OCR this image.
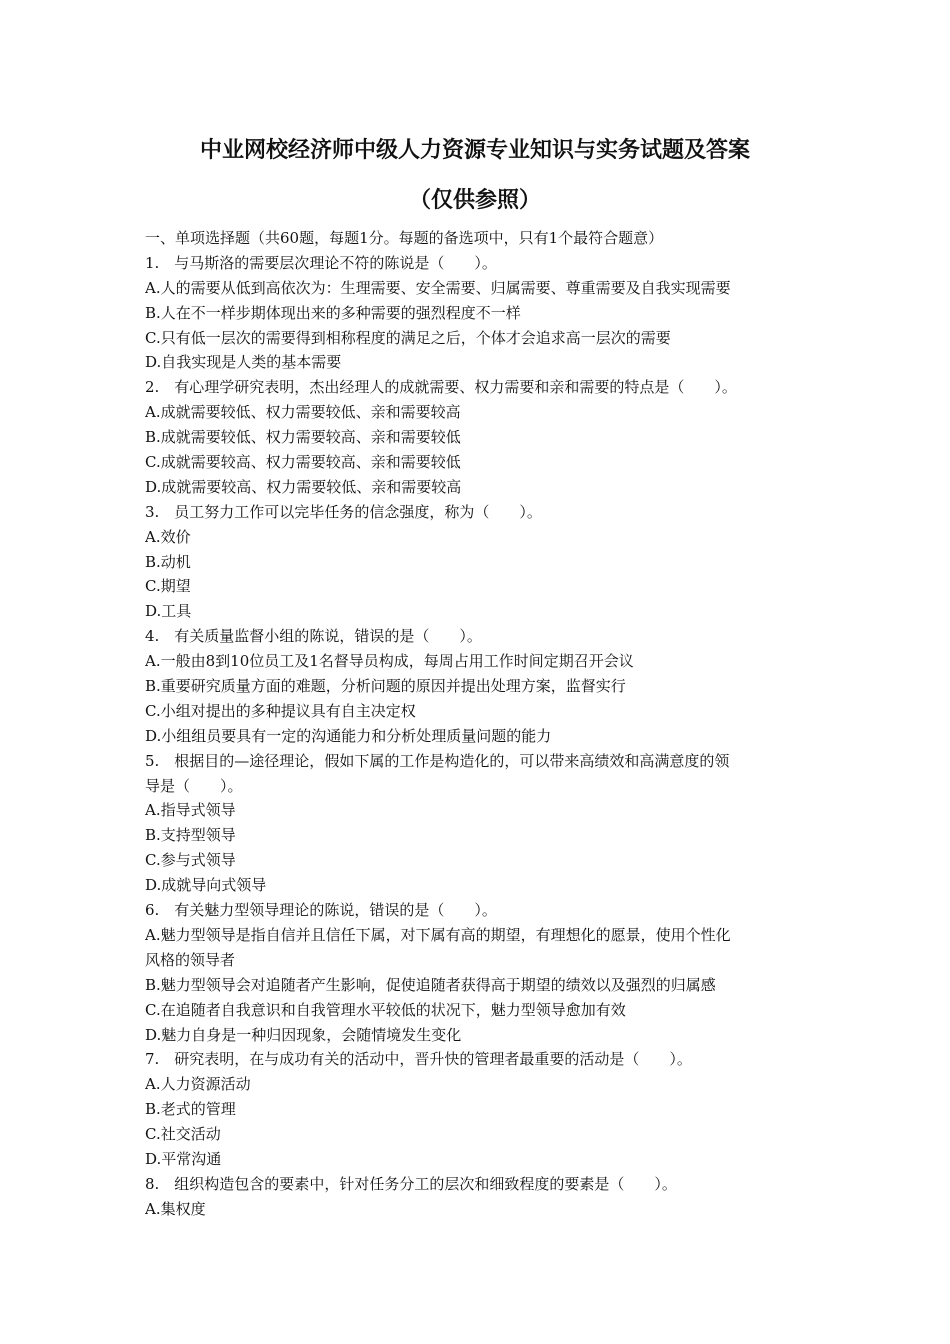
中业网校经济师中级人力资源专业知识与实务试题及答案
（仅供参照）
一、单项选择题（共60题，每题1分。每题的备选项中，只有1个最符合题意）
1.　与马斯洛的需要层次理论不符的陈说是（　　）。
A.人的需要从低到高依次为：生理需要、安全需要、归属需要、尊重需要及自我实现需要
B.人在不一样步期体现出来的多种需要的强烈程度不一样
C.只有低一层次的需要得到相称程度的满足之后，个体才会追求高一层次的需要
D.自我实现是人类的基本需要
2.　有心理学研究表明，杰出经理人的成就需要、权力需要和亲和需要的特点是（　　）。
A.成就需要较低、权力需要较低、亲和需要较高
B.成就需要较低、权力需要较高、亲和需要较低
C.成就需要较高、权力需要较高、亲和需要较低
D.成就需要较高、权力需要较低、亲和需要较高
3.　员工努力工作可以完毕任务的信念强度，称为（　　）。
A.效价
B.动机
C.期望
D.工具
4.　有关质量监督小组的陈说，错误的是（　　）。
A.一般由8到10位员工及1名督导员构成，每周占用工作时间定期召开会议
B.重要研究质量方面的难题，分析问题的原因并提出处理方案，监督实行
C.小组对提出的多种提议具有自主决定权
D.小组组员要具有一定的沟通能力和分析处理质量问题的能力
5.　根据目的—途径理论，假如下属的工作是构造化的，可以带来高绩效和高满意度的领
导是（　　）。
A.指导式领导
B.支持型领导
C.参与式领导
D.成就导向式领导
6.　有关魅力型领导理论的陈说，错误的是（　　）。
A.魅力型领导是指自信并且信任下属，对下属有高的期望，有理想化的愿景，使用个性化
风格的领导者
B.魅力型领导会对追随者产生影响，促使追随者获得高于期望的绩效以及强烈的归属感
C.在追随者自我意识和自我管理水平较低的状况下，魅力型领导愈加有效
D.魅力自身是一种归因现象，会随情境发生变化
7.　研究表明，在与成功有关的活动中，晋升快的管理者最重要的活动是（　　）。
A.人力资源活动
B.老式的管理
C.社交活动
D.平常沟通
8.　组织构造包含的要素中，针对任务分工的层次和细致程度的要素是（　　）。
A.集权度
